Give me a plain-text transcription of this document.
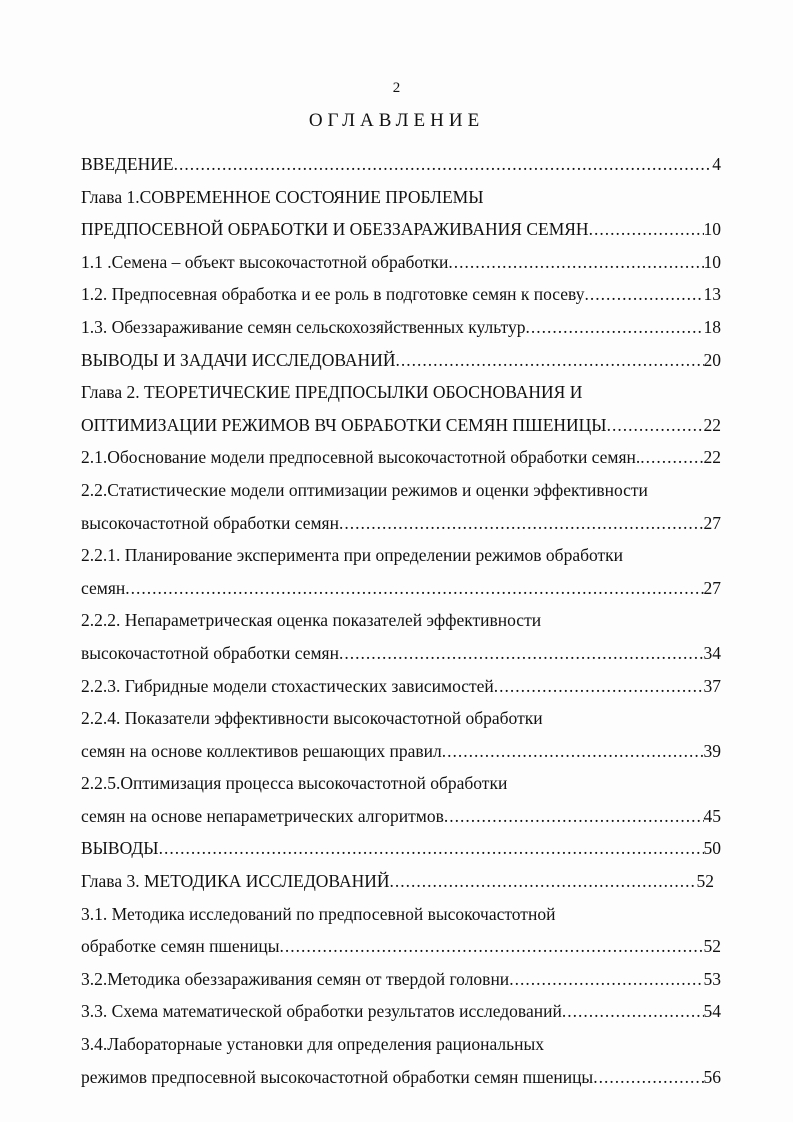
2
ОГЛАВЛЕНИЕ
ВВЕДЕНИЕ .....	4
Глава 1.СОВРЕМЕННОЕ СОСТОЯНИЕ ПРОБЛЕМЫ
ПРЕДПОСЕВНОЙ ОБРАБОТКИ И ОБЕЗЗАРАЖИВАНИЯ СЕМЯН .....	10
1.1 .Семена – объект высокочастотной обработки .....	10
1.2. Предпосевная обработка и ее роль в подготовке семян к посеву .....	13
1.3. Обеззараживание семян сельскохозяйственных культур .....	18
ВЫВОДЫ И ЗАДАЧИ ИССЛЕДОВАНИЙ .....	20
Глава 2. ТЕОРЕТИЧЕСКИЕ ПРЕДПОСЫЛКИ ОБОСНОВАНИЯ И
ОПТИМИЗАЦИИ РЕЖИМОВ ВЧ ОБРАБОТКИ СЕМЯН ПШЕНИЦЫ .....	22
2.1.Обоснование модели предпосевной высокочастотной обработки семян. .....	22
2.2.Статистические модели оптимизации режимов и оценки эффективности
высокочастотной обработки семян .....	27
2.2.1. Планирование эксперимента при определении режимов обработки
семян .....	27
2.2.2. Непараметрическая оценка показателей эффективности
высокочастотной обработки семян .....	34
2.2.3. Гибридные модели стохастических зависимостей .....	37
2.2.4. Показатели эффективности высокочастотной обработки
семян на основе коллективов решающих правил .....	39
2.2.5.Оптимизация процесса высокочастотной обработки
семян на основе непараметрических алгоритмов .....	45
ВЫВОДЫ .....	50
Глава 3. МЕТОДИКА ИССЛЕДОВАНИЙ .....	52
3.1. Методика исследований по предпосевной высокочастотной
обработке семян пшеницы .....	52
3.2.Методика обеззараживания семян от твердой головни .....	53
3.3. Схема математической обработки результатов исследований .....	54
3.4.Лабораторнаые установки для определения рациональных
режимов предпосевной высокочастотной обработки семян пшеницы .....	56
